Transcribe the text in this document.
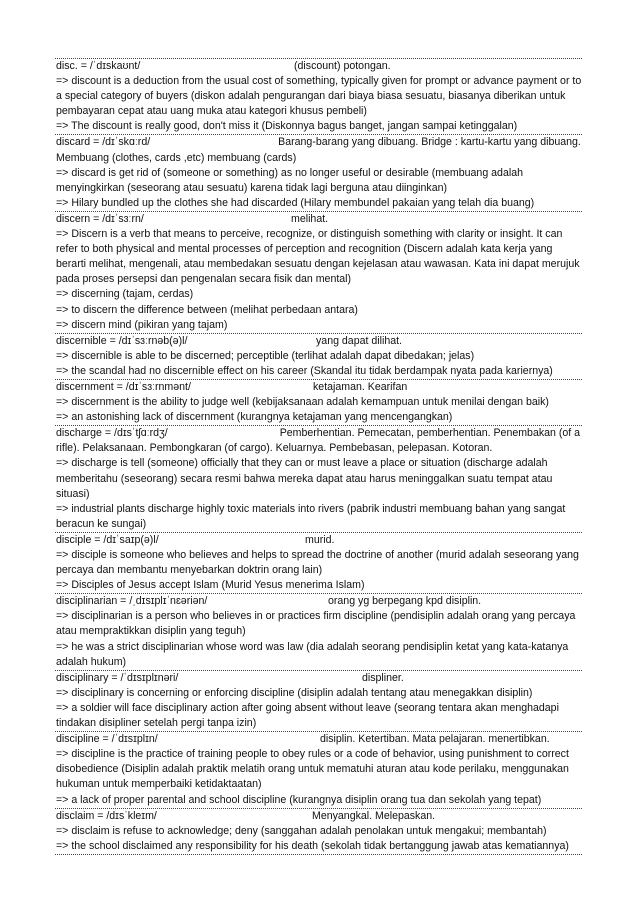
disc. = /ˈdɪskaʊnt/	(discount) potongan.
=> discount is a deduction from the usual cost of something, typically given for prompt or advance payment or to a special category of buyers (diskon adalah pengurangan dari biaya biasa sesuatu, biasanya diberikan untuk pembayaran cepat atau uang muka atau kategori khusus pembeli)
=> The discount is really good, don't miss it (Diskonnya bagus banget, jangan sampai ketinggalan)
discard = /dɪˈskɑːrd/	Barang-barang yang dibuang. Bridge : kartu-kartu yang dibuang. Membuang (clothes, cards ,etc) membuang (cards)
=> discard is get rid of (someone or something) as no longer useful or desirable (membuang adalah menyingkirkan (seseorang atau sesuatu) karena tidak lagi berguna atau diinginkan)
=> Hilary bundled up the clothes she had discarded (Hilary membundel pakaian yang telah dia buang)
discern = /dɪˈsɜːrn/	melihat.
=> Discern is a verb that means to perceive, recognize, or distinguish something with clarity or insight. It can refer to both physical and mental processes of perception and recognition (Discern adalah kata kerja yang berarti melihat, mengenali, atau membedakan sesuatu dengan kejelasan atau wawasan. Kata ini dapat merujuk pada proses persepsi dan pengenalan secara fisik dan mental)
=> discerning (tajam, cerdas)
=> to discern the difference between (melihat perbedaan antara)
=> discern mind (pikiran yang tajam)
discernible = /dɪˈsɜːrnəb(ə)l/	yang dapat dilihat.
=> discernible is able to be discerned; perceptible (terlihat adalah dapat dibedakan; jelas)
=> the scandal had no discernible effect on his career (Skandal itu tidak berdampak nyata pada kariernya)
discernment = /dɪˈsɜːrnmənt/	ketajaman. Kearifan
=> discernment is the ability to judge well (kebijaksanaan adalah kemampuan untuk menilai dengan baik)
=> an astonishing lack of discernment (kurangnya ketajaman yang mencengangkan)
discharge = /dɪsˈtʃɑːrdʒ/	Pemberhentian. Pemecatan, pemberhentian. Penembakan (of a rifle). Pelaksanaan. Pembongkaran (of cargo). Keluarnya. Pembebasan, pelepasan. Kotoran.
=> discharge is tell (someone) officially that they can or must leave a place or situation (discharge adalah memberitahu (seseorang) secara resmi bahwa mereka dapat atau harus meninggalkan suatu tempat atau situasi)
=> industrial plants discharge highly toxic materials into rivers (pabrik industri membuang bahan yang sangat beracun ke sungai)
disciple = /dɪˈsaɪp(ə)l/	murid.
=> disciple is someone who believes and helps to spread the doctrine of another (murid adalah seseorang yang percaya dan membantu menyebarkan doktrin orang lain)
=> Disciples of Jesus accept Islam (Murid Yesus menerima Islam)
disciplinarian = /ˌdɪsɪplɪˈnɛəriən/	orang yg berpegang kpd disiplin.
=> disciplinarian is a person who believes in or practices firm discipline (pendisiplin adalah orang yang percaya atau mempraktikkan disiplin yang teguh)
=> he was a strict disciplinarian whose word was law (dia adalah seorang pendisiplin ketat yang kata-katanya adalah hukum)
disciplinary = /ˈdɪsɪplɪnəri/	displiner.
=> disciplinary is concerning or enforcing discipline (disiplin adalah tentang atau menegakkan disiplin)
=> a soldier will face disciplinary action after going absent without leave (seorang tentara akan menghadapi tindakan disipliner setelah pergi tanpa izin)
discipline = /ˈdɪsɪplɪn/	disiplin. Ketertiban. Mata pelajaran. menertibkan.
=> discipline is the practice of training people to obey rules or a code of behavior, using punishment to correct disobedience (Disiplin adalah praktik melatih orang untuk mematuhi aturan atau kode perilaku, menggunakan hukuman untuk memperbaiki ketidaktaatan)
=> a lack of proper parental and school discipline (kurangnya disiplin orang tua dan sekolah yang tepat)
disclaim = /dɪsˈkleɪm/	Menyangkal. Melepaskan.
=> disclaim is refuse to acknowledge; deny (sanggahan adalah penolakan untuk mengakui; membantah)
=> the school disclaimed any responsibility for his death (sekolah tidak bertanggung jawab atas kematiannya)
